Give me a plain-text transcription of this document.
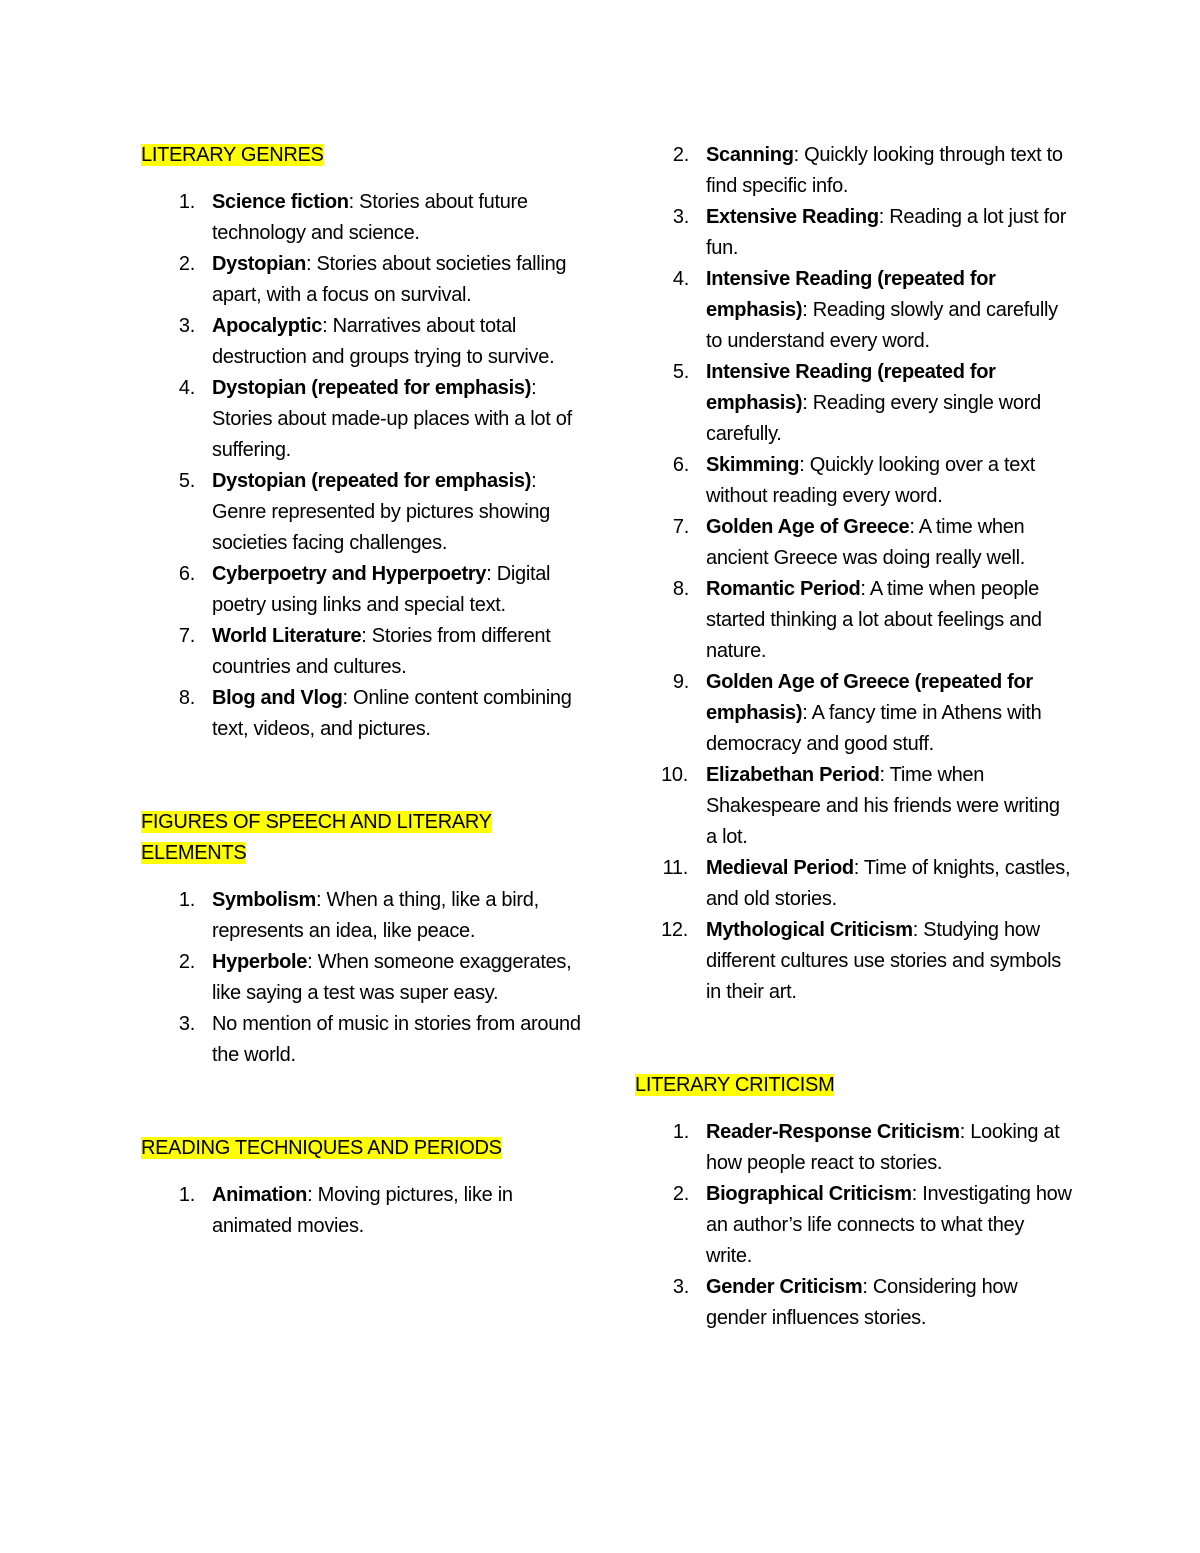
LITERARY GENRES
1. Science fiction: Stories about future technology and science.
2. Dystopian: Stories about societies falling apart, with a focus on survival.
3. Apocalyptic: Narratives about total destruction and groups trying to survive.
4. Dystopian (repeated for emphasis): Stories about made-up places with a lot of suffering.
5. Dystopian (repeated for emphasis): Genre represented by pictures showing societies facing challenges.
6. Cyberpoetry and Hyperpoetry: Digital poetry using links and special text.
7. World Literature: Stories from different countries and cultures.
8. Blog and Vlog: Online content combining text, videos, and pictures.
FIGURES OF SPEECH AND LITERARY ELEMENTS
1. Symbolism: When a thing, like a bird, represents an idea, like peace.
2. Hyperbole: When someone exaggerates, like saying a test was super easy.
3. No mention of music in stories from around the world.
READING TECHNIQUES AND PERIODS
1. Animation: Moving pictures, like in animated movies.
2. Scanning: Quickly looking through text to find specific info.
3. Extensive Reading: Reading a lot just for fun.
4. Intensive Reading (repeated for emphasis): Reading slowly and carefully to understand every word.
5. Intensive Reading (repeated for emphasis): Reading every single word carefully.
6. Skimming: Quickly looking over a text without reading every word.
7. Golden Age of Greece: A time when ancient Greece was doing really well.
8. Romantic Period: A time when people started thinking a lot about feelings and nature.
9. Golden Age of Greece (repeated for emphasis): A fancy time in Athens with democracy and good stuff.
10. Elizabethan Period: Time when Shakespeare and his friends were writing a lot.
11. Medieval Period: Time of knights, castles, and old stories.
12. Mythological Criticism: Studying how different cultures use stories and symbols in their art.
LITERARY CRITICISM
1. Reader-Response Criticism: Looking at how people react to stories.
2. Biographical Criticism: Investigating how an author’s life connects to what they write.
3. Gender Criticism: Considering how gender influences stories.
